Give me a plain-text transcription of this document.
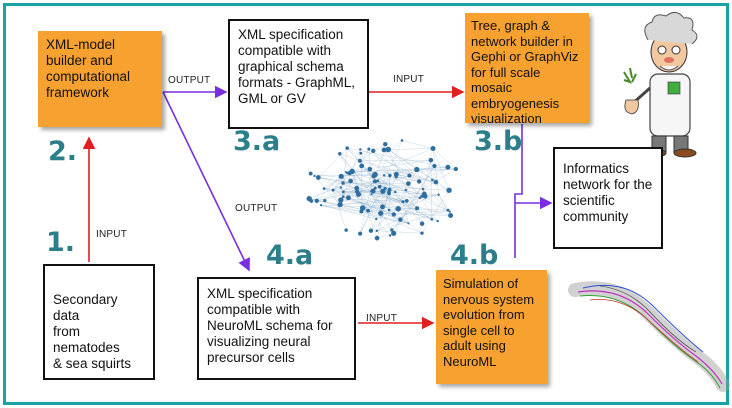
XML-model
builder and
computational
framework
XML specification
compatible with
graphical schema
formats - GraphML,
GML or GV
Tree, graph &
network builder in
Gephi or GraphViz
for full scale mosaic
embryogenesis
visualization
Informatics
network for the
scientific
community
Secondary data
from nematodes
& sea squirts
XML specification
compatible with
NeuroML schema for
visualizing neural
precursor cells
Simulation of
nervous system
evolution from
single cell to
adult using
NeuroML
1.
2.	3.a	3.b
4.a	4.b
INPUT
OUTPUT	INPUT
OUTPUT
INPUT
